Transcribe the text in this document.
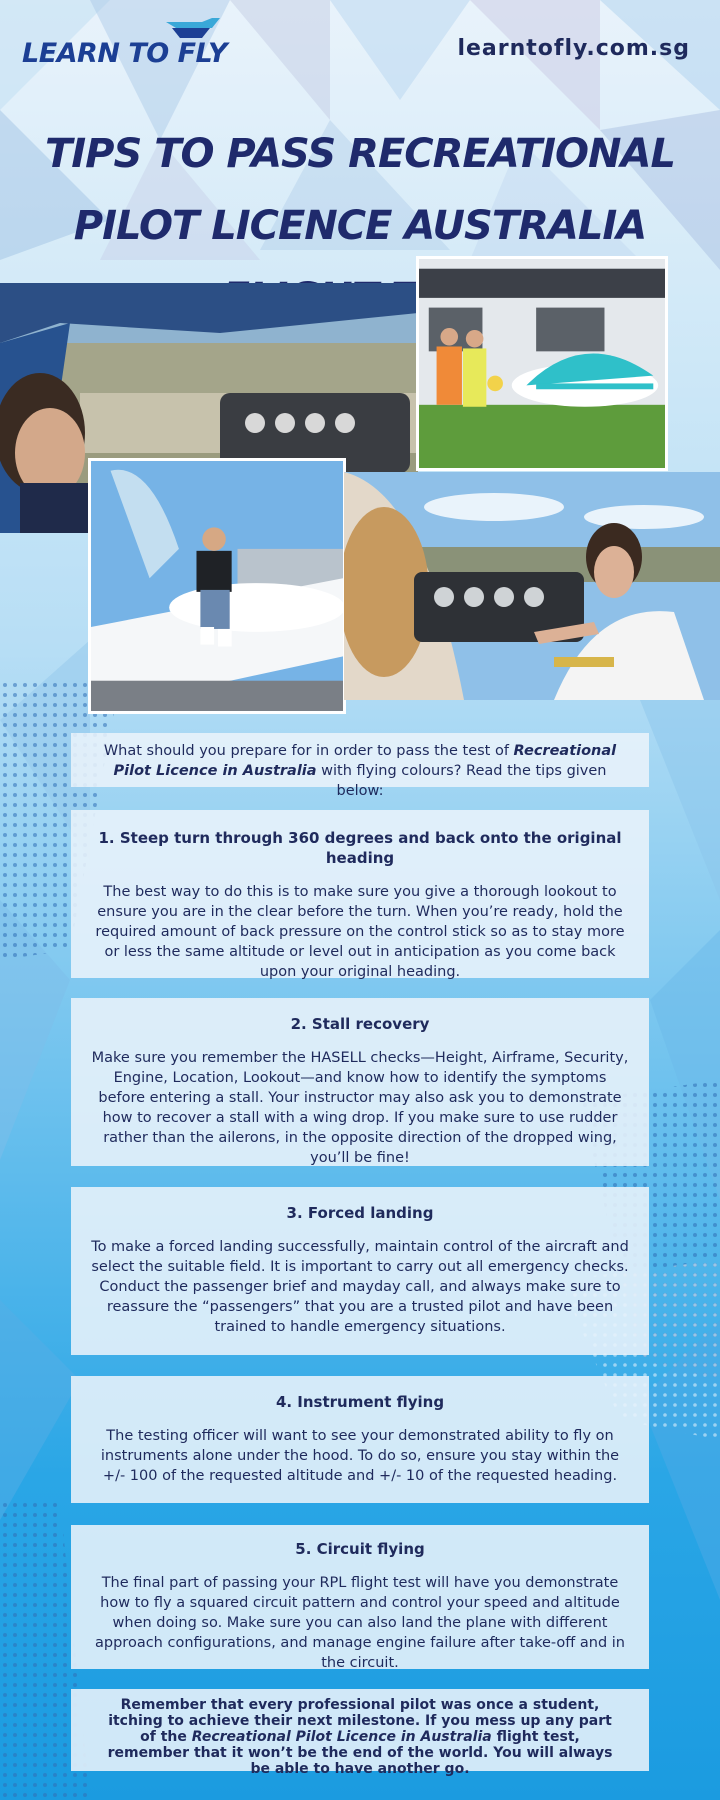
LEARN TO FLY	learntofly.com.sg
TIPS TO PASS RECREATIONAL PILOT LICENCE AUSTRALIA
What should you prepare for in order to pass the test of Recreational Pilot Licence in Australia with flying colours? Read the tips given below:
1. Steep turn through 360 degrees and back onto the original heading
The best way to do this is to make sure you give a thorough lookout to ensure you are in the clear before the turn. When you’re ready, hold the required amount of back pressure on the control stick so as to stay more or less the same altitude or level out in anticipation as you come back upon your original heading.
2. Stall recovery
Make sure you remember the HASELL checks—Height, Airframe, Security, Engine, Location, Lookout—and know how to identify the symptoms before entering a stall. Your instructor may also ask you to demonstrate how to recover a stall with a wing drop. If you make sure to use rudder rather than the ailerons, in the opposite direction of the dropped wing, you’ll be fine!
3. Forced landing
To make a forced landing successfully, maintain control of the aircraft and select the suitable field. It is important to carry out all emergency checks. Conduct the passenger brief and mayday call, and always make sure to reassure the “passengers” that you are a trusted pilot and have been trained to handle emergency situations.
4. Instrument flying
The testing officer will want to see your demonstrated ability to fly on instruments alone under the hood. To do so, ensure you stay within the +/- 100 of the requested altitude and +/- 10 of the requested heading.
5. Circuit flying
The final part of passing your RPL flight test will have you demonstrate how to fly a squared circuit pattern and control your speed and altitude when doing so. Make sure you can also land the plane with different approach configurations, and manage engine failure after take-off and in the circuit.
Remember that every professional pilot was once a student, itching to achieve their next milestone. If you mess up any part of the Recreational Pilot Licence in Australia flight test, remember that it won’t be the end of the world. You will always be able to have another go.
